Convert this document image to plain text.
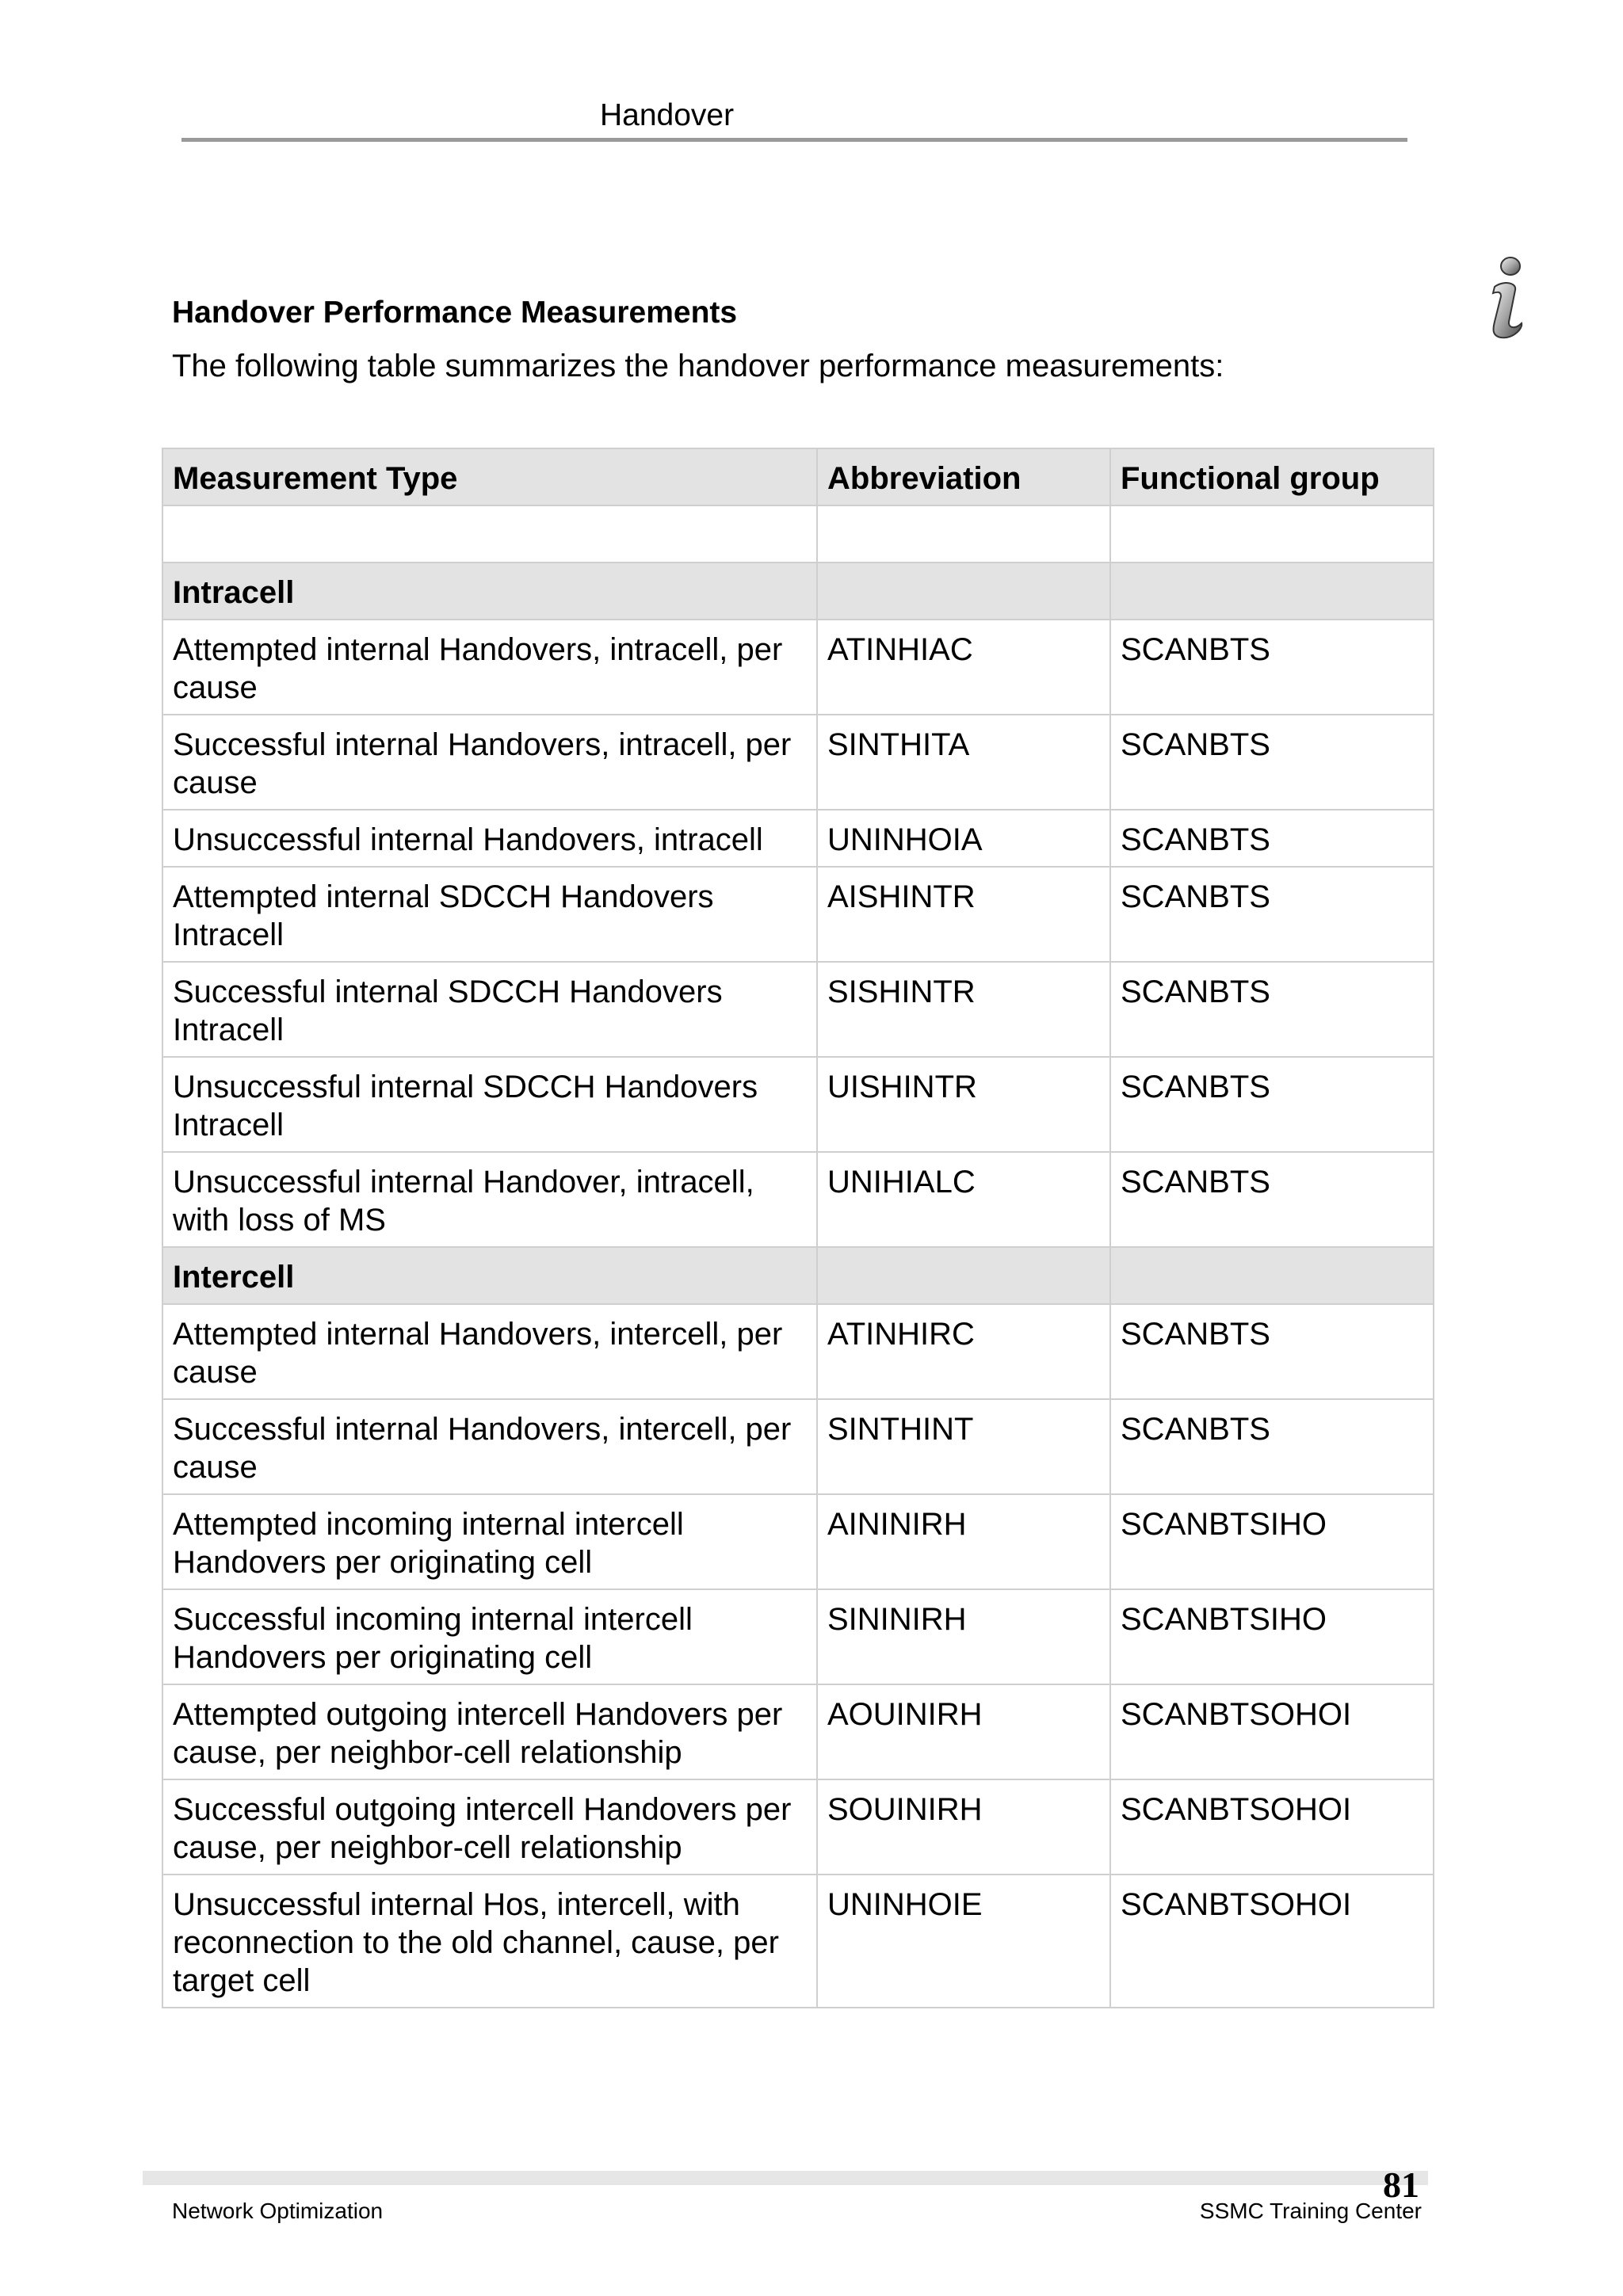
Handover
Handover Performance Measurements
The following table summarizes the handover performance measurements:
Measurement Type	Abbreviation	Functional group

Intracell		
Attempted internal Handovers, intracell, per cause	ATINHIAC	SCANBTS
Successful internal Handovers, intracell, per cause	SINTHITA	SCANBTS
Unsuccessful internal Handovers, intracell	UNINHOIA	SCANBTS
Attempted internal SDCCH Handovers Intracell	AISHINTR	SCANBTS
Successful internal SDCCH Handovers Intracell	SISHINTR	SCANBTS
Unsuccessful internal SDCCH Handovers Intracell	UISHINTR	SCANBTS
Unsuccessful internal Handover, intracell, with loss of MS	UNIHIALC	SCANBTS
Intercell		
Attempted internal Handovers, intercell, per cause	ATINHIRC	SCANBTS
Successful internal Handovers, intercell, per cause	SINTHINT	SCANBTS
Attempted incoming internal intercell Handovers per originating cell	AININIRH	SCANBTSIHO
Successful incoming internal intercell Handovers per originating cell	SININIRH	SCANBTSIHO
Attempted outgoing intercell Handovers per cause, per neighbor-cell relationship	AOUINIRH	SCANBTSOHOI
Successful outgoing intercell Handovers per cause, per neighbor-cell relationship	SOUINIRH	SCANBTSOHOI
Unsuccessful internal Hos, intercell, with reconnection to the old channel, cause, per target cell	UNINHOIE	SCANBTSOHOI
Network Optimization
81
SSMC Training Center
